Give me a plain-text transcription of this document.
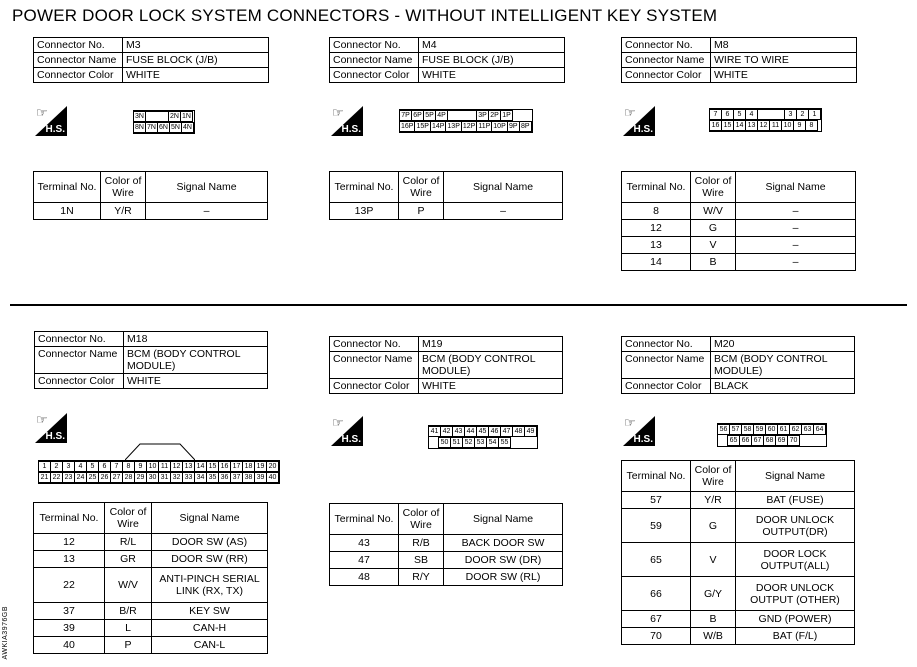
POWER DOOR LOCK SYSTEM CONNECTORS - WITHOUT INTELLIGENT KEY SYSTEM
Connector No.	M3
Connector Name	FUSE BLOCK (J/B)
Connector Color	WHITE
☞
H.S.
3N	2N 1N
8N 7N 6N 5N 4N
Terminal No.	Color of Wire	Signal Name
1N	Y/R	–
Connector No.	M4
Connector Name	FUSE BLOCK (J/B)
Connector Color	WHITE
☞
H.S.
7P 6P 5P 4P	3P 2P 1P
16P 15P 14P 13P 12P 11P 10P 9P 8P
Terminal No.	Color of Wire	Signal Name
13P	P	–
Connector No.	M8
Connector Name	WIRE TO WIRE
Connector Color	WHITE
☞
H.S.
7	6	5	4	3	2	1
16 15 14 13 12 11 10 9	8
Terminal No.	Color of Wire	Signal Name
8	W/V	–
12	G	–
13	V	–
14	B	–
Connector No.	M18
Connector Name	BCM (BODY CONTROL MODULE)
Connector Color	WHITE
☞
H.S.
1	2	3	4	5	6	7	8	9 10 11 12 13 14 15 16 17 18 19 20
21 22 23 24 25 26 27 28 29 30 31 32 33 34 35 36 37 38 39 40
Terminal No.	Color of Wire	Signal Name
12	R/L	DOOR SW (AS)
13	GR	DOOR SW (RR)
22	W/V	ANTI-PINCH SERIAL LINK (RX, TX)
37	B/R	KEY SW
39	L	CAN-H
40	P	CAN-L
Connector No.	M19
Connector Name	BCM (BODY CONTROL MODULE)
Connector Color	WHITE
☞
H.S.
41 42 43 44 45 46 47 48 49
50 51 52 53 54 55
Terminal No.	Color of Wire	Signal Name
43	R/B	BACK DOOR SW
47	SB	DOOR SW (DR)
48	R/Y	DOOR SW (RL)
Connector No.	M20
Connector Name	BCM (BODY CONTROL MODULE)
Connector Color	BLACK
☞
H.S.
56 57 58 59 60 61 62 63 64
65 66 67 68 69 70
Terminal No.	Color of Wire	Signal Name
57	Y/R	BAT (FUSE)
59	G	DOOR UNLOCK OUTPUT(DR)
65	V	DOOR LOCK OUTPUT(ALL)
66	G/Y	DOOR UNLOCK OUTPUT (OTHER)
67	B	GND (POWER)
70	W/B	BAT (F/L)
AWKIA3976GB
